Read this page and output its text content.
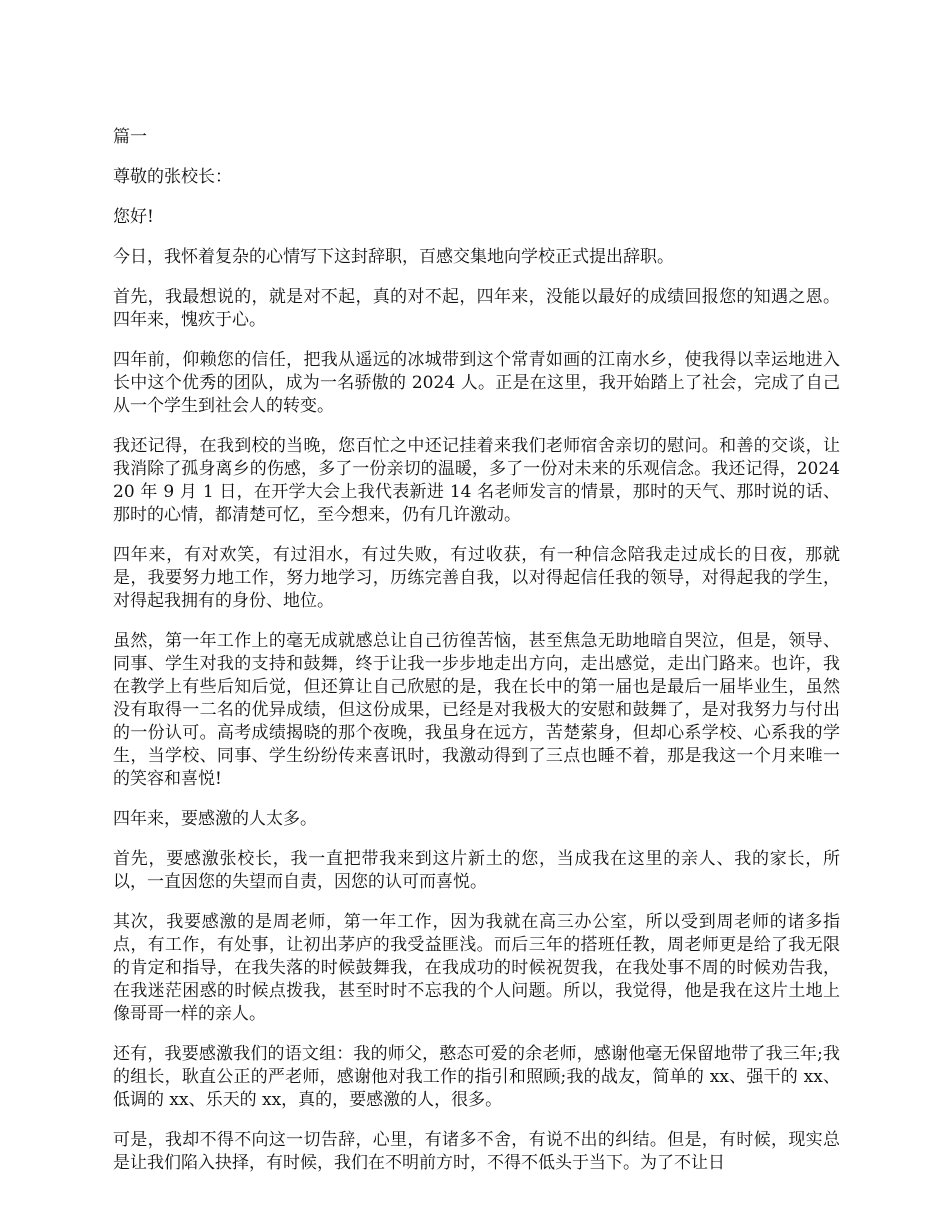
篇一

尊敬的张校长：

您好!

今日，我怀着复杂的心情写下这封辞职，百感交集地向学校正式提出辞职。

首先，我最想说的，就是对不起，真的对不起，四年来，没能以最好的成绩回报您的知遇之恩。四年来，愧疚于心。

四年前，仰赖您的信任，把我从遥远的冰城带到这个常青如画的江南水乡，使我得以幸运地进入长中这个优秀的团队，成为一名骄傲的 2024 人。正是在这里，我开始踏上了社会，完成了自己从一个学生到社会人的转变。

我还记得，在我到校的当晚，您百忙之中还记挂着来我们老师宿舍亲切的慰问。和善的交谈，让我消除了孤身离乡的伤感，多了一份亲切的温暖，多了一份对未来的乐观信念。我还记得，202420 年 9 月 1 日，在开学大会上我代表新进 14 名老师发言的情景，那时的天气、那时说的话、那时的心情，都清楚可忆，至今想来，仍有几许激动。

四年来，有对欢笑，有过泪水，有过失败，有过收获，有一种信念陪我走过成长的日夜，那就是，我要努力地工作，努力地学习，历练完善自我，以对得起信任我的领导，对得起我的学生，对得起我拥有的身份、地位。

虽然，第一年工作上的毫无成就感总让自己彷徨苦恼，甚至焦急无助地暗自哭泣，但是，领导、同事、学生对我的支持和鼓舞，终于让我一步步地走出方向，走出感觉，走出门路来。也许，我在教学上有些后知后觉，但还算让自己欣慰的是，我在长中的第一届也是最后一届毕业生，虽然没有取得一二名的优异成绩，但这份成果，已经是对我极大的安慰和鼓舞了，是对我努力与付出的一份认可。高考成绩揭晓的那个夜晚，我虽身在远方，苦楚萦身，但却心系学校、心系我的学生，当学校、同事、学生纷纷传来喜讯时，我激动得到了三点也睡不着，那是我这一个月来唯一的笑容和喜悦!

四年来，要感激的人太多。

首先，要感激张校长，我一直把带我来到这片新土的您，当成我在这里的亲人、我的家长，所以，一直因您的失望而自责，因您的认可而喜悦。

其次，我要感激的是周老师，第一年工作，因为我就在高三办公室，所以受到周老师的诸多指点，有工作，有处事，让初出茅庐的我受益匪浅。而后三年的搭班任教，周老师更是给了我无限的肯定和指导，在我失落的时候鼓舞我，在我成功的时候祝贺我，在我处事不周的时候劝告我，在我迷茫困惑的时候点拨我，甚至时时不忘我的个人问题。所以，我觉得，他是我在这片土地上像哥哥一样的亲人。

还有，我要感激我们的语文组：我的师父，憨态可爱的余老师，感谢他毫无保留地带了我三年;我的组长，耿直公正的严老师，感谢他对我工作的指引和照顾;我的战友，简单的 xx、强干的 xx、低调的 xx、乐天的 xx，真的，要感激的人，很多。

可是，我却不得不向这一切告辞，心里，有诸多不舍，有说不出的纠结。但是，有时候，现实总是让我们陷入抉择，有时候，我们在不明前方时，不得不低头于当下。为了不让日
